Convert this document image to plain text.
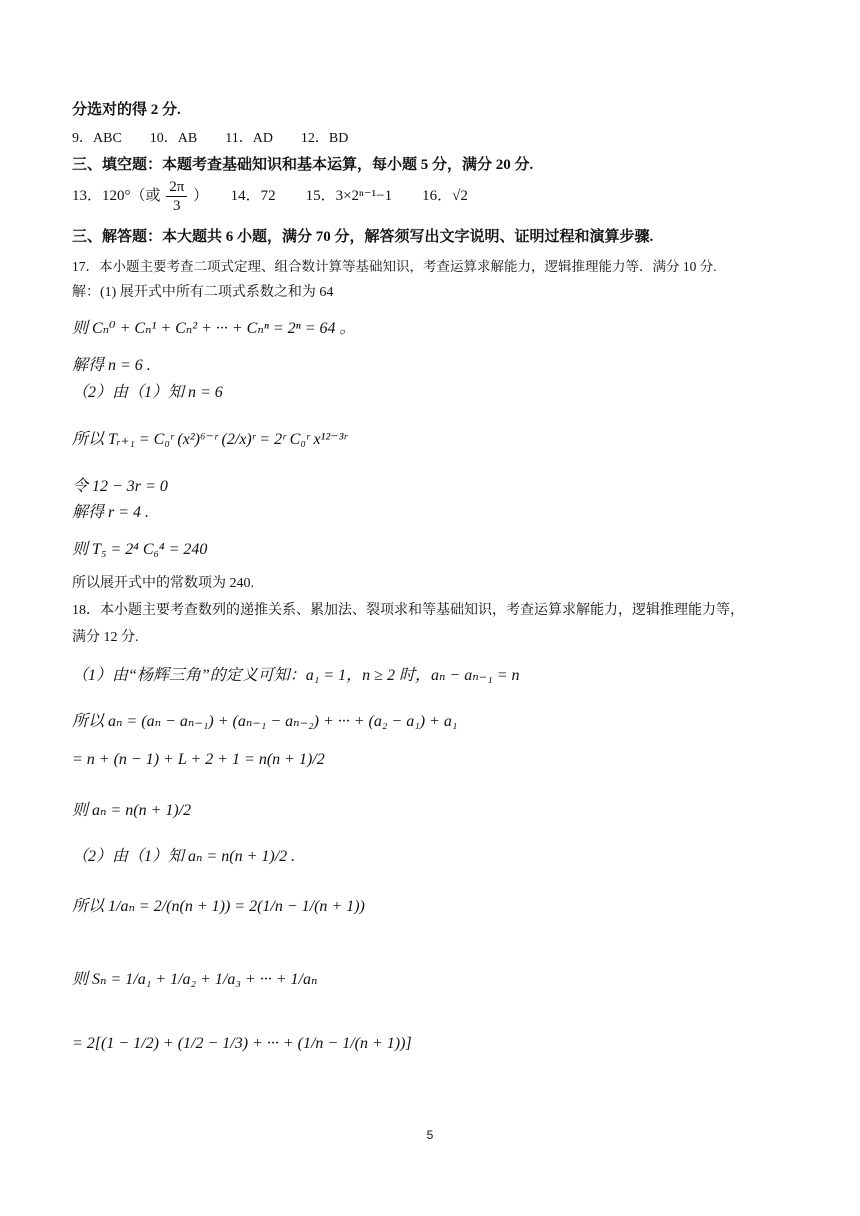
分选对的得 2 分.
9．ABC　　10．AB　　11．AD　　12．BD
三、填空题：本题考查基础知识和基本运算，每小题 5 分，满分 20 分.
13．120°（或 $\frac{2\pi}{3}$ ）　　14．72　　15．3×2ⁿ⁻¹−1　　16．√2
三、解答题：本大题共 6 小题，满分 70 分，解答须写出文字说明、证明过程和演算步骤.
17．本小题主要考查二项式定理、组合数计算等基础知识，考查运算求解能力，逻辑推理能力等．满分 10 分.
解：(1) 展开式中所有二项式系数之和为 64
则 Cₙ⁰ + Cₙ¹ + Cₙ² + ··· + Cₙⁿ = 2ⁿ = 64 。
解得 n = 6 .
（2）由（1）知 n = 6
所以 Tᵣ₊₁ = C₀ʳ (x²)⁶⁻ʳ (2/x)ʳ = 2ʳ C₀ʳ x¹²⁻³ʳ
令 12 − 3r = 0
解得 r = 4 .
则 T₅ = 2⁴ C₆⁴ = 240
所以展开式中的常数项为 240.
18．本小题主要考查数列的递推关系、累加法、裂项求和等基础知识，考查运算求解能力，逻辑推理能力等，
满分 12 分.
（1）由“杨辉三角”的定义可知：a₁ = 1，n ≥ 2 时，aₙ − aₙ₋₁ = n
所以 aₙ = (aₙ − aₙ₋₁) + (aₙ₋₁ − aₙ₋₂) + ··· + (a₂ − a₁) + a₁
= n + (n − 1) + L + 2 + 1 = n(n + 1)/2
则 aₙ = n(n + 1)/2
（2）由（1）知 aₙ = n(n + 1)/2 .
所以 1/aₙ = 2/(n(n + 1)) = 2(1/n − 1/(n + 1))
则 Sₙ = 1/a₁ + 1/a₂ + 1/a₃ + ··· + 1/aₙ
= 2[(1 − 1/2) + (1/2 − 1/3) + ··· + (1/n − 1/(n + 1))]
5
